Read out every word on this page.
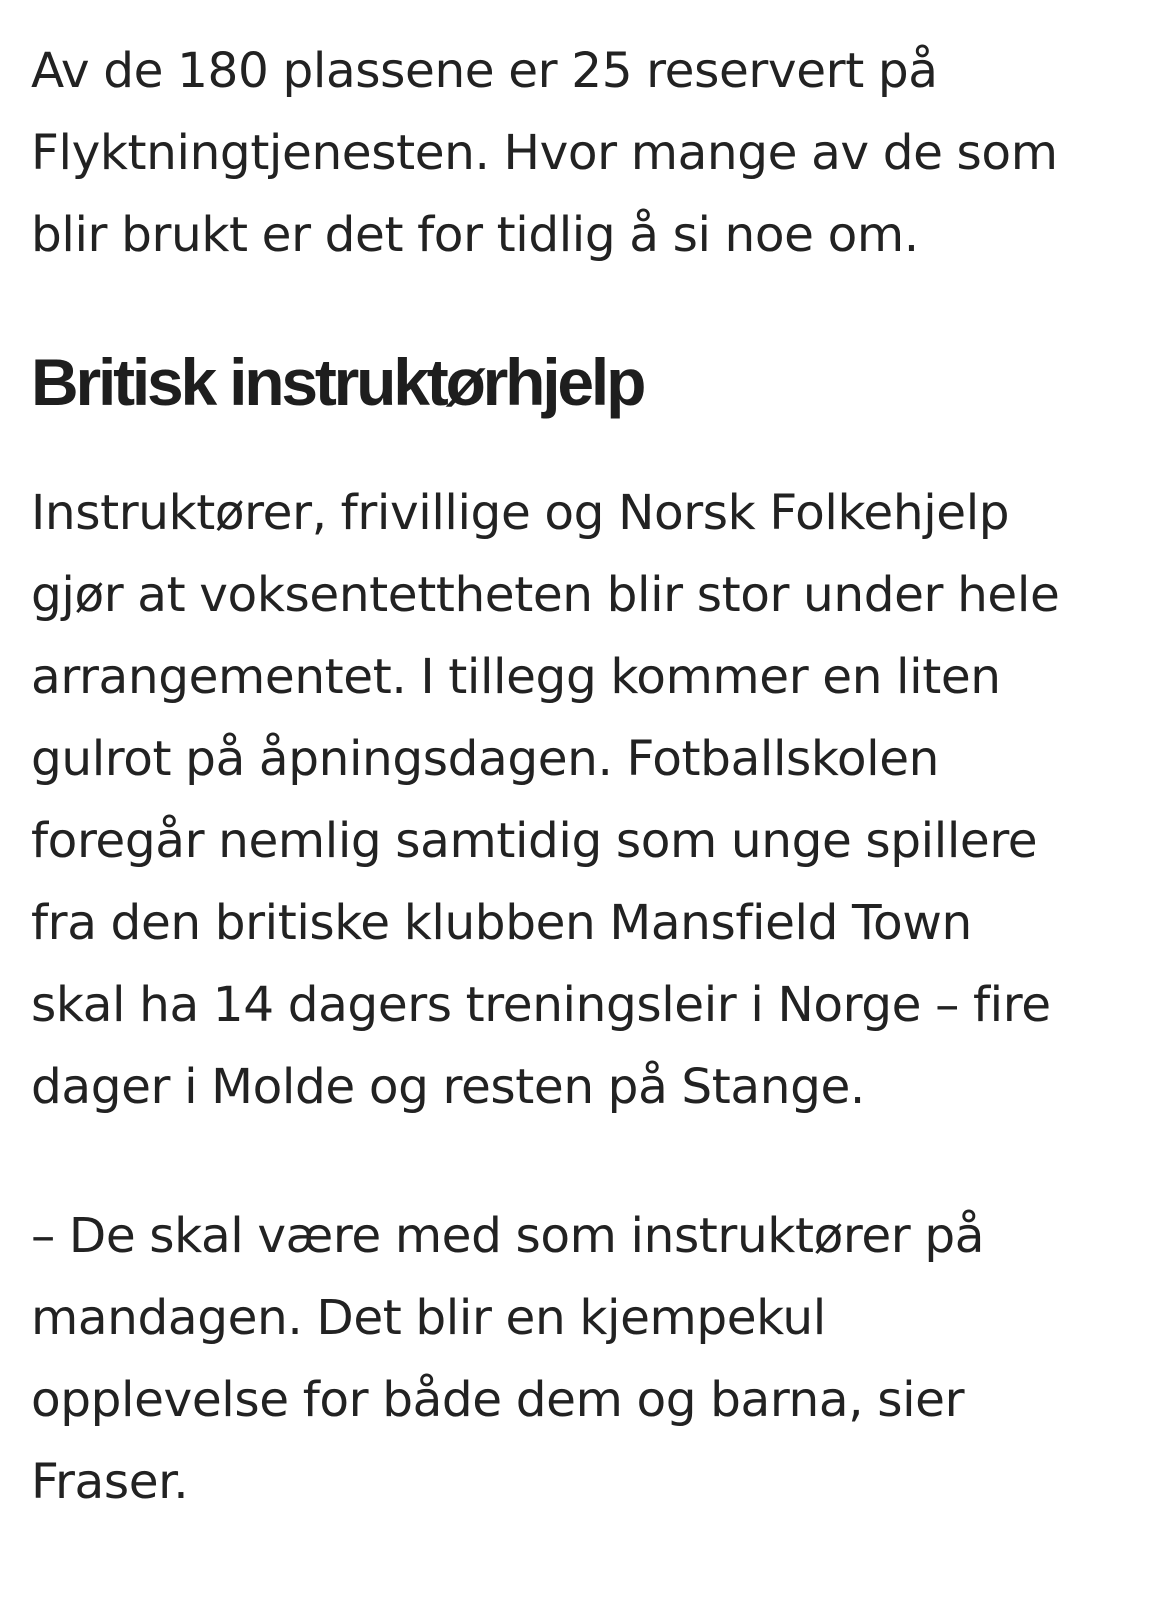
Av de 180 plassene er 25 reservert på
Flyktningtjenesten. Hvor mange av de som
blir brukt er det for tidlig å si noe om.

Britisk instruktørhjelp

Instruktører, frivillige og Norsk Folkehjelp
gjør at voksentettheten blir stor under hele
arrangementet. I tillegg kommer en liten
gulrot på åpningsdagen. Fotballskolen
foregår nemlig samtidig som unge spillere
fra den britiske klubben Mansfield Town
skal ha 14 dagers treningsleir i Norge – fire
dager i Molde og resten på Stange.

– De skal være med som instruktører på
mandagen. Det blir en kjempekul
opplevelse for både dem og barna, sier
Fraser.
